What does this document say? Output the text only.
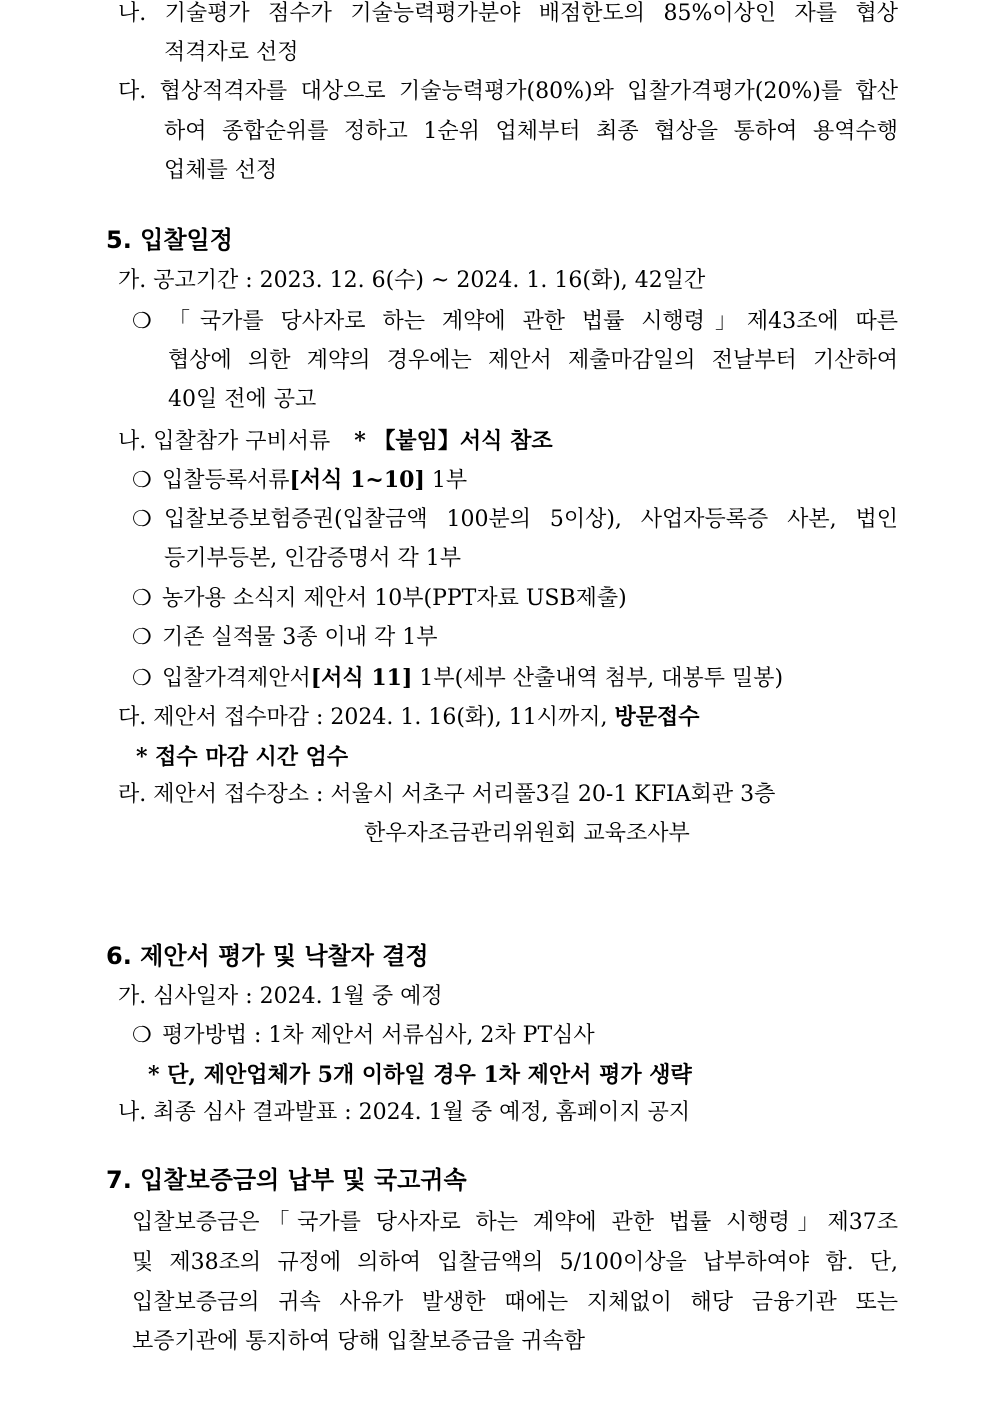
나. 기술평가 점수가 기술능력평가분야 배점한도의 85%이상인 자를 협상
적격자로 선정
다. 협상적격자를 대상으로 기술능력평가(80%)와 입찰가격평가(20%)를 합산
하여 종합순위를 정하고 1순위 업체부터 최종 협상을 통하여 용역수행
업체를 선정
5. 입찰일정
가. 공고기간 : 2023. 12. 6(수) ~ 2024. 1. 16(화), 42일간
❍ 「국가를 당사자로 하는 계약에 관한 법률 시행령」제43조에 따른
협상에 의한 계약의 경우에는 제안서 제출마감일의 전날부터 기산하여
40일 전에 공고
나. 입찰참가 구비서류 * 【붙임】서식 참조
❍ 입찰등록서류[서식 1~10] 1부
❍ 입찰보증보험증권(입찰금액 100분의 5이상), 사업자등록증 사본, 법인
등기부등본, 인감증명서 각 1부
❍ 농가용 소식지 제안서 10부(PPT자료 USB제출)
❍ 기존 실적물 3종 이내 각 1부
❍ 입찰가격제안서[서식 11] 1부(세부 산출내역 첨부, 대봉투 밀봉)
다. 제안서 접수마감 : 2024. 1. 16(화), 11시까지, 방문접수
* 접수 마감 시간 엄수
라. 제안서 접수장소 : 서울시 서초구 서리풀3길 20-1 KFIA회관 3층
한우자조금관리위원회 교육조사부
6. 제안서 평가 및 낙찰자 결정
가. 심사일자 : 2024. 1월 중 예정
❍ 평가방법 : 1차 제안서 서류심사, 2차 PT심사
* 단, 제안업체가 5개 이하일 경우 1차 제안서 평가 생략
나. 최종 심사 결과발표 : 2024. 1월 중 예정, 홈페이지 공지
7. 입찰보증금의 납부 및 국고귀속
입찰보증금은「국가를 당사자로 하는 계약에 관한 법률 시행령」제37조
및 제38조의 규정에 의하여 입찰금액의 5/100이상을 납부하여야 함. 단,
입찰보증금의 귀속 사유가 발생한 때에는 지체없이 해당 금융기관 또는
보증기관에 통지하여 당해 입찰보증금을 귀속함
